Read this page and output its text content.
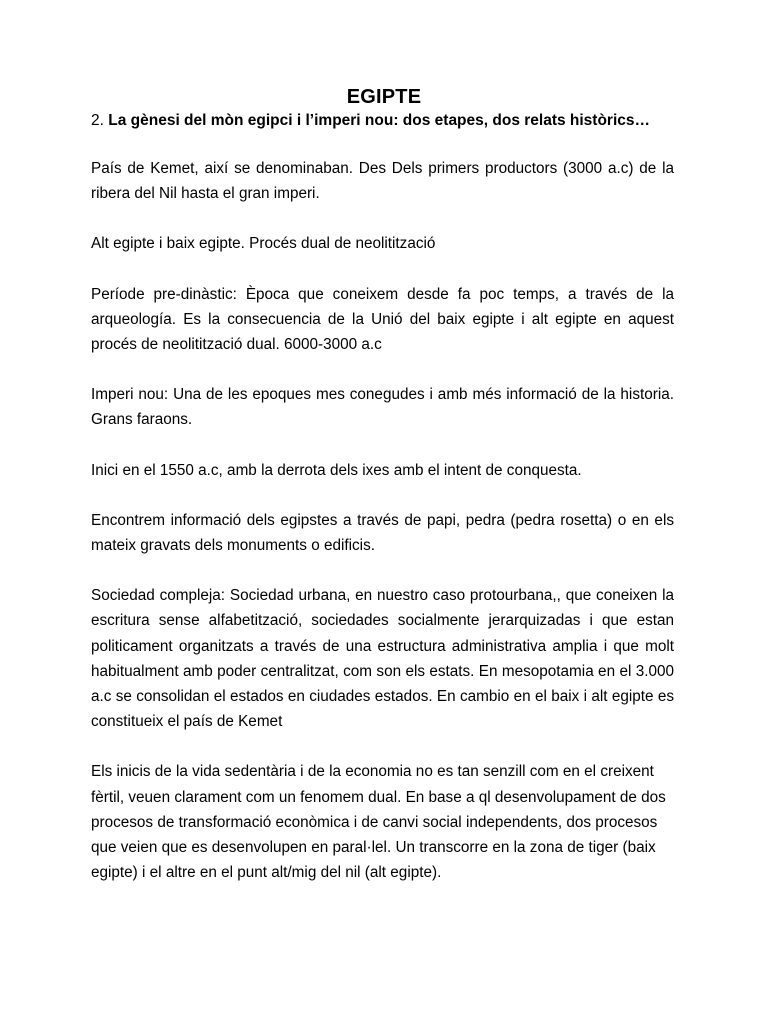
EGIPTE
2. La gènesi del mòn egipci i l’imperi nou: dos etapes, dos relats històrics…

País de Kemet, així se denominaban. Des Dels primers productors (3000 a.c) de la ribera del Nil hasta el gran imperi.

Alt egipte i baix egipte. Procés dual de neolitització

Període pre-dinàstic: Època que coneixem desde fa poc temps, a través de la arqueología. Es la consecuencia de la Unió del baix egipte i alt egipte en aquest procés de neolitització dual. 6000-3000 a.c

Imperi nou: Una de les epoques mes conegudes i amb més informació de la historia. Grans faraons.

Inici en el 1550 a.c, amb la derrota dels ixes amb el intent de conquesta.

Encontrem informació dels egipstes a través de papi, pedra (pedra rosetta) o en els mateix gravats dels monuments o edificis.

Sociedad compleja: Sociedad urbana, en nuestro caso protourbana,, que coneixen la escritura sense alfabetització, sociedades socialmente jerarquizadas i que estan politicament organitzats a través de una estructura administrativa amplia i que molt habitualment amb poder centralitzat, com son els estats. En mesopotamia en el 3.000 a.c se consolidan el estados en ciudades estados. En cambio en el baix i alt egipte es constitueix el país de Kemet

Els inicis de la vida sedentària i de la economia no es tan senzill com en el creixent fèrtil, veuen clarament com un fenomem dual. En base a ql desenvolupament de dos procesos de transformació econòmica i de canvi social independents, dos procesos que veien que es desenvolupen en paral·lel. Un transcorre en la zona de tiger (baix egipte) i el altre en el punt alt/mig del nil (alt egipte).
